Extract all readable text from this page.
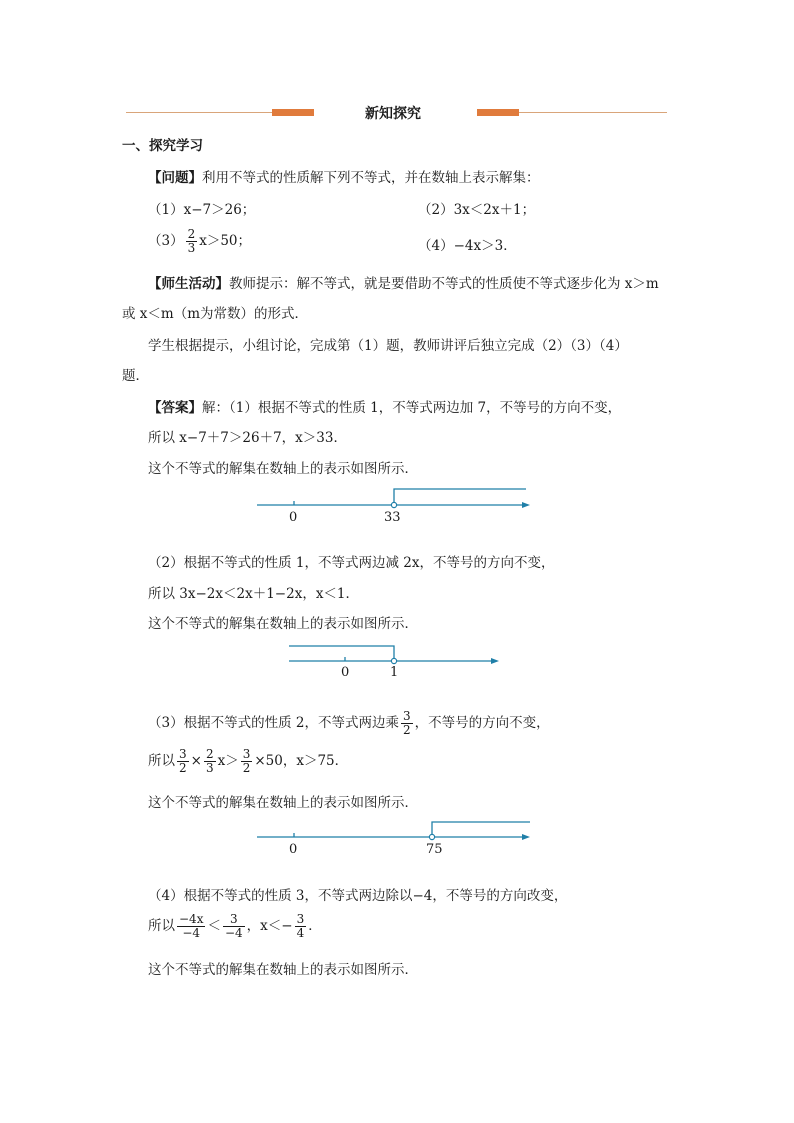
新知探究
一、探究学习
【问题】利用不等式的性质解下列不等式，并在数轴上表示解集：
（1）x−7＞26；	（2）3x＜2x＋1；
$(3) \frac{2}{3} x>50$；	（4）−4x＞3．
【师生活动】教师提示：解不等式，就是要借助不等式的性质使不等式逐步化为 x＞m
或 x＜m（m为常数）的形式．
学生根据提示，小组讨论，完成第（1）题，教师讲评后独立完成（2）（3）（4）
题．
【答案】解：（1）根据不等式的性质 1，不等式两边加 7，不等号的方向不变，
所以 x−7＋7＞26＋7，x＞33．
这个不等式的解集在数轴上的表示如图所示．
0	33
（2）根据不等式的性质 1，不等式两边减 2x，不等号的方向不变，
所以 3x−2x＜2x＋1−2x，x＜1．
这个不等式的解集在数轴上的表示如图所示．
0	1
（3）根据不等式的性质 2，不等式两边乘 $\frac{3}{2}$ ，不等号的方向不变，
所以 $\frac{3}{2} \times \frac{2}{3} x> \frac{3}{2} \times 50$，x＞75．
这个不等式的解集在数轴上的表示如图所示．
0	75
（4）根据不等式的性质 3，不等式两边除以−4，不等号的方向改变，
所以 $\frac{-4x}{-4} < \frac{3}{-4}$ ，$x<- \frac{3}{4}$ ．
这个不等式的解集在数轴上的表示如图所示．
